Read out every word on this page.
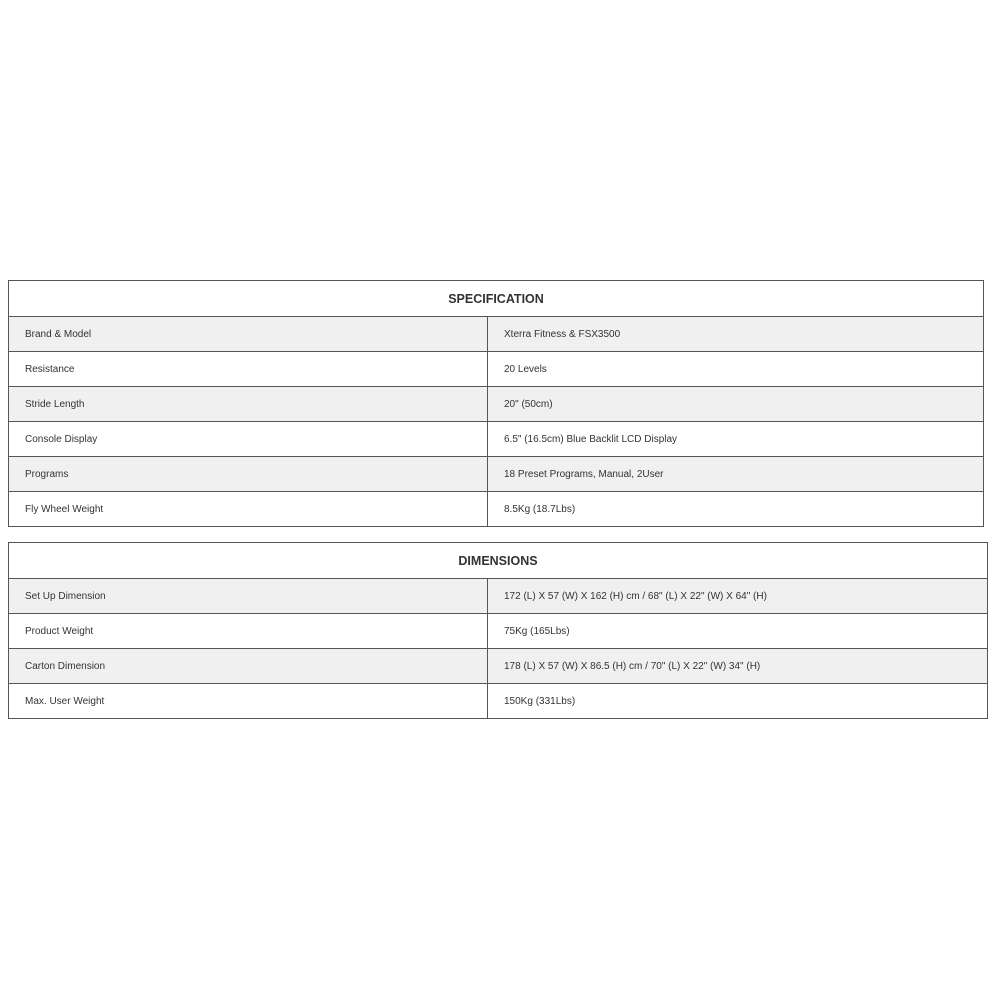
SPECIFICATION	
Brand & Model	Xterra Fitness & FSX3500
Resistance	20 Levels
Stride Length	20" (50cm)
Console Display	6.5" (16.5cm) Blue Backlit LCD Display
Programs	18 Preset Programs, Manual, 2User
Fly Wheel Weight	8.5Kg (18.7Lbs)
DIMENSIONS	
Set Up Dimension	172 (L) X 57 (W) X 162 (H) cm / 68" (L) X 22" (W) X 64" (H)
Product Weight	75Kg (165Lbs)
Carton Dimension	178 (L) X 57 (W) X 86.5 (H) cm / 70" (L) X 22" (W) 34" (H)
Max. User Weight	150Kg (331Lbs)
